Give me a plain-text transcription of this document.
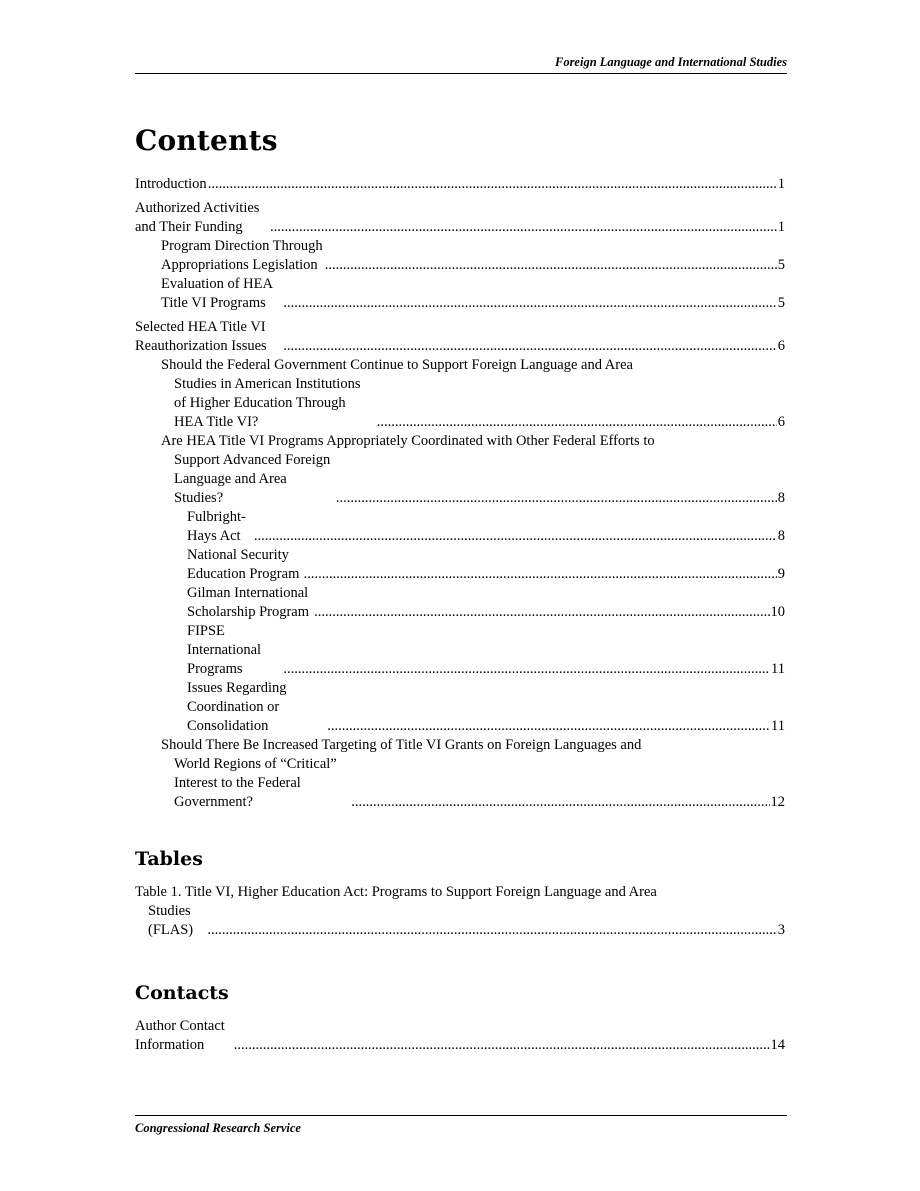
Foreign Language and International Studies
Contents
Introduction .....	1
Authorized Activities and Their Funding .....	1
Program Direction Through Appropriations Legislation .....	5
Evaluation of HEA Title VI Programs .....	5
Selected HEA Title VI Reauthorization Issues .....	6
Should the Federal Government Continue to Support Foreign Language and Area
Studies in American Institutions of Higher Education Through HEA Title VI? .....	6
Are HEA Title VI Programs Appropriately Coordinated with Other Federal Efforts to
Support Advanced Foreign Language and Area Studies? .....	8
Fulbright-Hays Act .....	8
National Security Education Program .....	9
Gilman International Scholarship Program .....	10
FIPSE International Programs .....	11
Issues Regarding Coordination or Consolidation .....	11
Should There Be Increased Targeting of Title VI Grants on Foreign Languages and
World Regions of “Critical” Interest to the Federal Government? .....	12
Tables
Table 1. Title VI, Higher Education Act: Programs to Support Foreign Language and Area
Studies (FLAS) .....	3
Contacts
Author Contact Information .....	14
Congressional Research Service
